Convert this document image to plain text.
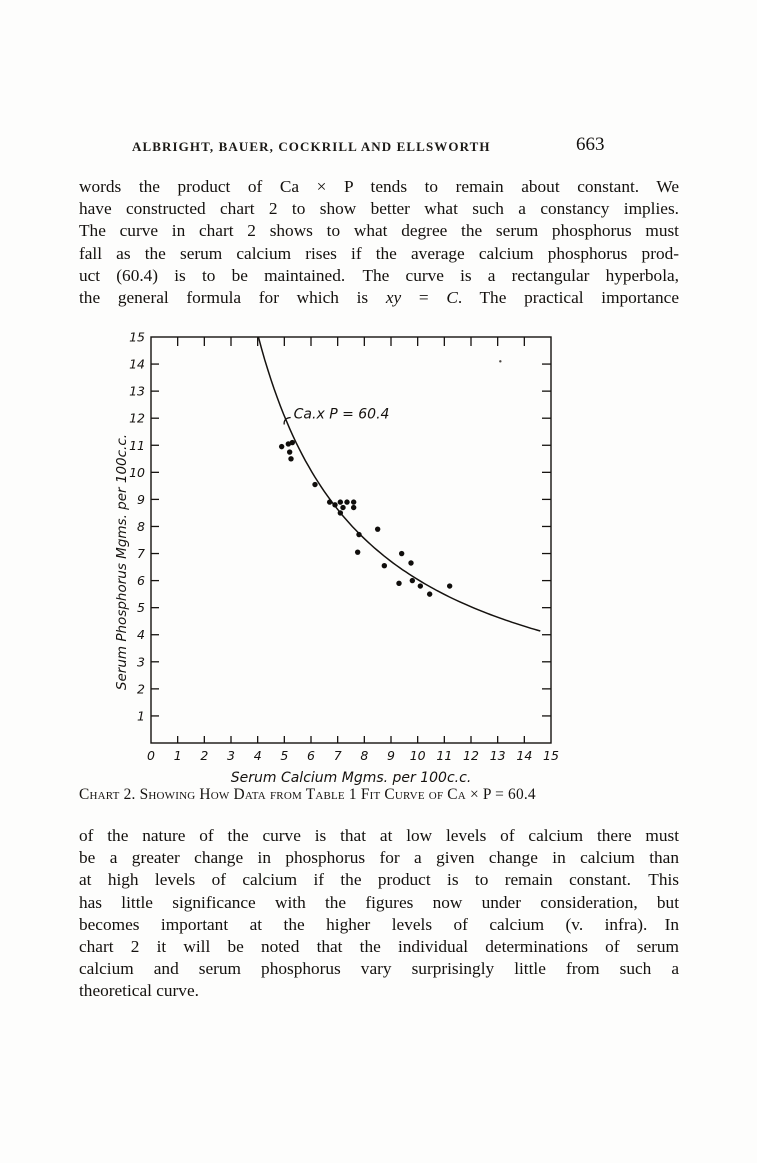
ALBRIGHT, BAUER, COCKRILL AND ELLSWORTH	663
words the product of Ca × P tends to remain about constant. We
have constructed chart 2 to show better what such a constancy implies.
The curve in chart 2 shows to what degree the serum phosphorus must
fall as the serum calcium rises if the average calcium phosphorus prod-
uct (60.4) is to be maintained. The curve is a rectangular hyperbola,
the general formula for which is xy = C. The practical importance
0 1 2 3 4 5 6 7 8 9 10 11 12 13 14 15
1
2
3
4
5
6
7
8
9
10
11
12
13
14
15
Ca.x P = 60.4
Serum Calcium Mgms. per 100c.c.
Serum Phosphorus Mgms. per 100c.c.
Chart 2. Showing How Data from Table 1 Fit Curve of Ca × P = 60.4
of the nature of the curve is that at low levels of calcium there must
be a greater change in phosphorus for a given change in calcium than
at high levels of calcium if the product is to remain constant. This
has little significance with the figures now under consideration, but
becomes important at the higher levels of calcium (v. infra). In
chart 2 it will be noted that the individual determinations of serum
calcium and serum phosphorus vary surprisingly little from such a
theoretical curve.
